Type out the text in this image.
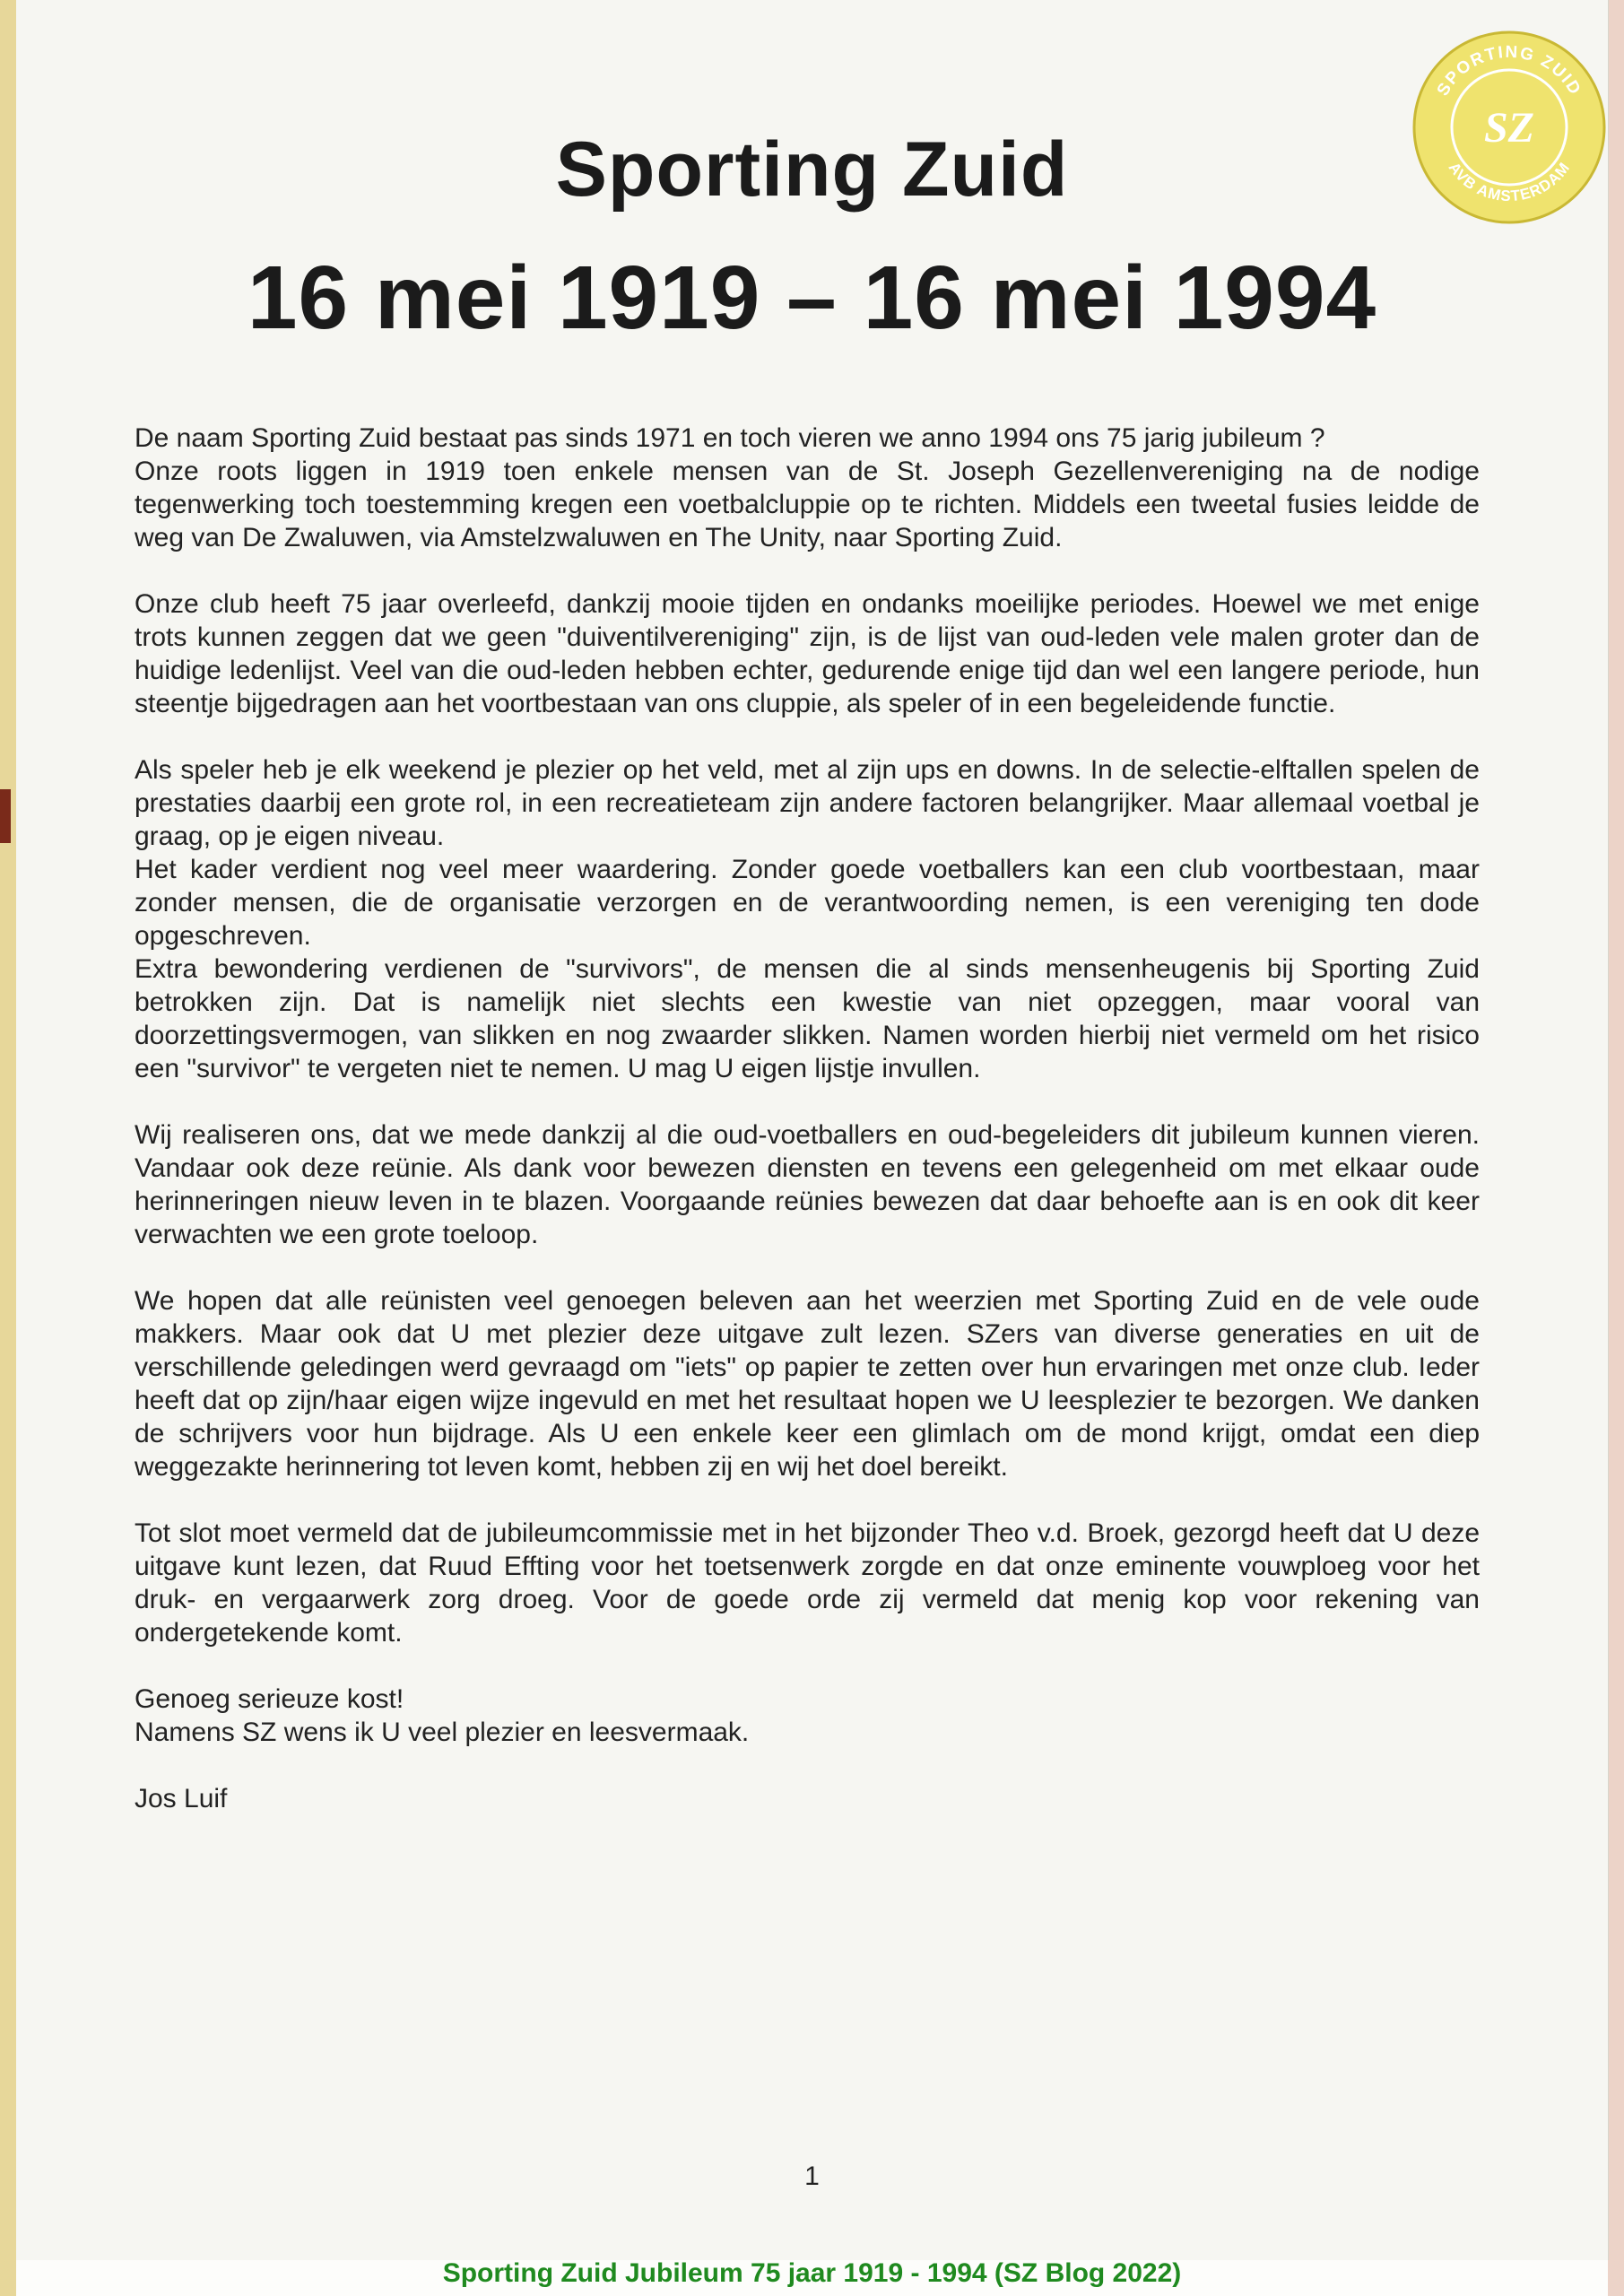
SPORTING ZUID
AVB AMSTERDAM
SZ
Sporting Zuid
16 mei 1919 – 16 mei 1994

De naam Sporting Zuid bestaat pas sinds 1971 en toch vieren we anno 1994 ons 75 jarig jubileum ?

Onze roots liggen in 1919 toen enkele mensen van de St. Joseph Gezellenvereniging na de nodige tegenwerking toch toestemming kregen een voetbalcluppie op te richten. Middels een tweetal fusies leidde de weg van De Zwaluwen, via Amstelzwaluwen en The Unity, naar Sporting Zuid.

Onze club heeft 75 jaar overleefd, dankzij mooie tijden en ondanks moeilijke periodes. Hoewel we met enige trots kunnen zeggen dat we geen "duiventilvereniging" zijn, is de lijst van oud-leden vele malen groter dan de huidige ledenlijst. Veel van die oud-leden hebben echter, gedurende enige tijd dan wel een langere periode, hun steentje bijgedragen aan het voortbestaan van ons cluppie, als speler of in een begeleidende functie.

Als speler heb je elk weekend je plezier op het veld, met al zijn ups en downs. In de selectie-elftallen spelen de prestaties daarbij een grote rol, in een recreatieteam zijn andere factoren belangrijker. Maar allemaal voetbal je graag, op je eigen niveau.

Het kader verdient nog veel meer waardering. Zonder goede voetballers kan een club voortbestaan, maar zonder mensen, die de organisatie verzorgen en de verantwoording nemen, is een vereniging ten dode opgeschreven.

Extra bewondering verdienen de "survivors", de mensen die al sinds mensenheugenis bij Sporting Zuid betrokken zijn. Dat is namelijk niet slechts een kwestie van niet opzeggen, maar vooral van doorzettingsvermogen, van slikken en nog zwaarder slikken. Namen worden hierbij niet vermeld om het risico een "survivor" te vergeten niet te nemen. U mag U eigen lijstje invullen.

Wij realiseren ons, dat we mede dankzij al die oud-voetballers en oud-begeleiders dit jubileum kunnen vieren. Vandaar ook deze reünie. Als dank voor bewezen diensten en tevens een gelegenheid om met elkaar oude herinneringen nieuw leven in te blazen. Voorgaande reünies bewezen dat daar behoefte aan is en ook dit keer verwachten we een grote toeloop.

We hopen dat alle reünisten veel genoegen beleven aan het weerzien met Sporting Zuid en de vele oude makkers. Maar ook dat U met plezier deze uitgave zult lezen. SZers van diverse generaties en uit de verschillende geledingen werd gevraagd om "iets" op papier te zetten over hun ervaringen met onze club. Ieder heeft dat op zijn/haar eigen wijze ingevuld en met het resultaat hopen we U leesplezier te bezorgen. We danken de schrijvers voor hun bijdrage. Als U een enkele keer een glimlach om de mond krijgt, omdat een diep weggezakte herinnering tot leven komt, hebben zij en wij het doel bereikt.

Tot slot moet vermeld dat de jubileumcommissie met in het bijzonder Theo v.d. Broek, gezorgd heeft dat U deze uitgave kunt lezen, dat Ruud Effting voor het toetsenwerk zorgde en dat onze eminente vouwploeg voor het druk- en vergaarwerk zorg droeg. Voor de goede orde zij vermeld dat menig kop voor rekening van ondergetekende komt.

Genoeg serieuze kost!

Namens SZ wens ik U veel plezier en leesvermaak.

Jos Luif

1
Sporting Zuid Jubileum 75 jaar 1919 - 1994 (SZ Blog 2022)
